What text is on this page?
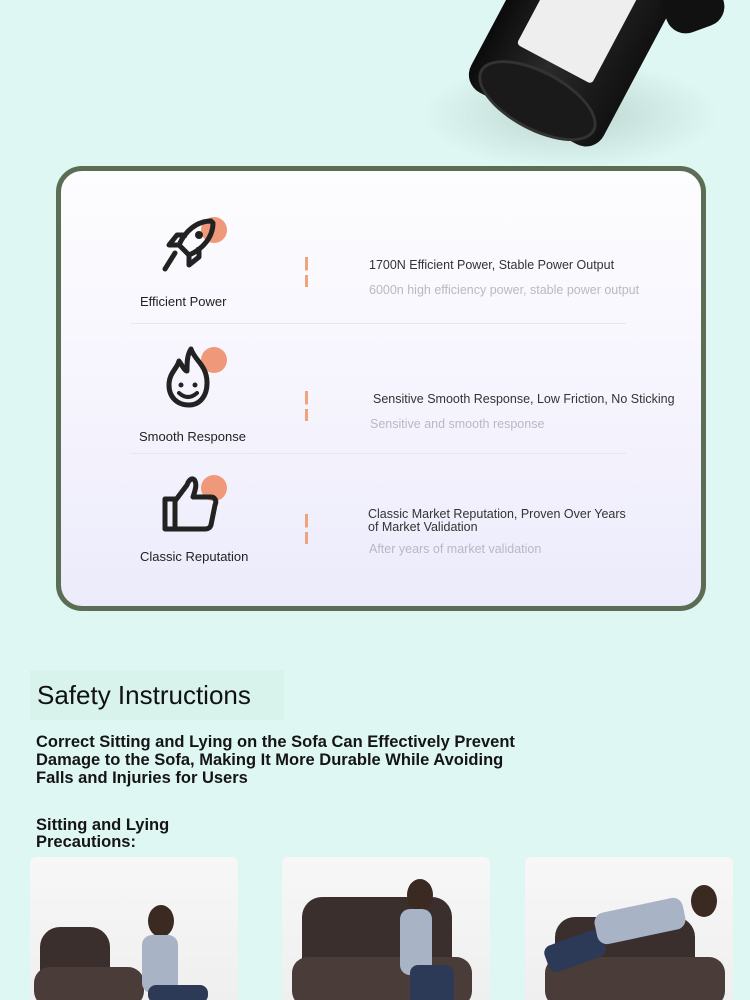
Efficient Power
1700N Efficient Power, Stable Power Output
6000n high efficiency power, stable power output
Smooth Response
Sensitive Smooth Response, Low Friction, No Sticking
Sensitive and smooth response
Classic Reputation
Classic Market Reputation, Proven Over Years of Market Validation
After years of market validation
Safety Instructions
Correct Sitting and Lying on the Sofa Can Effectively Prevent Damage to the Sofa, Making It More Durable While Avoiding Falls and Injuries for Users
Sitting and Lying Precautions:
